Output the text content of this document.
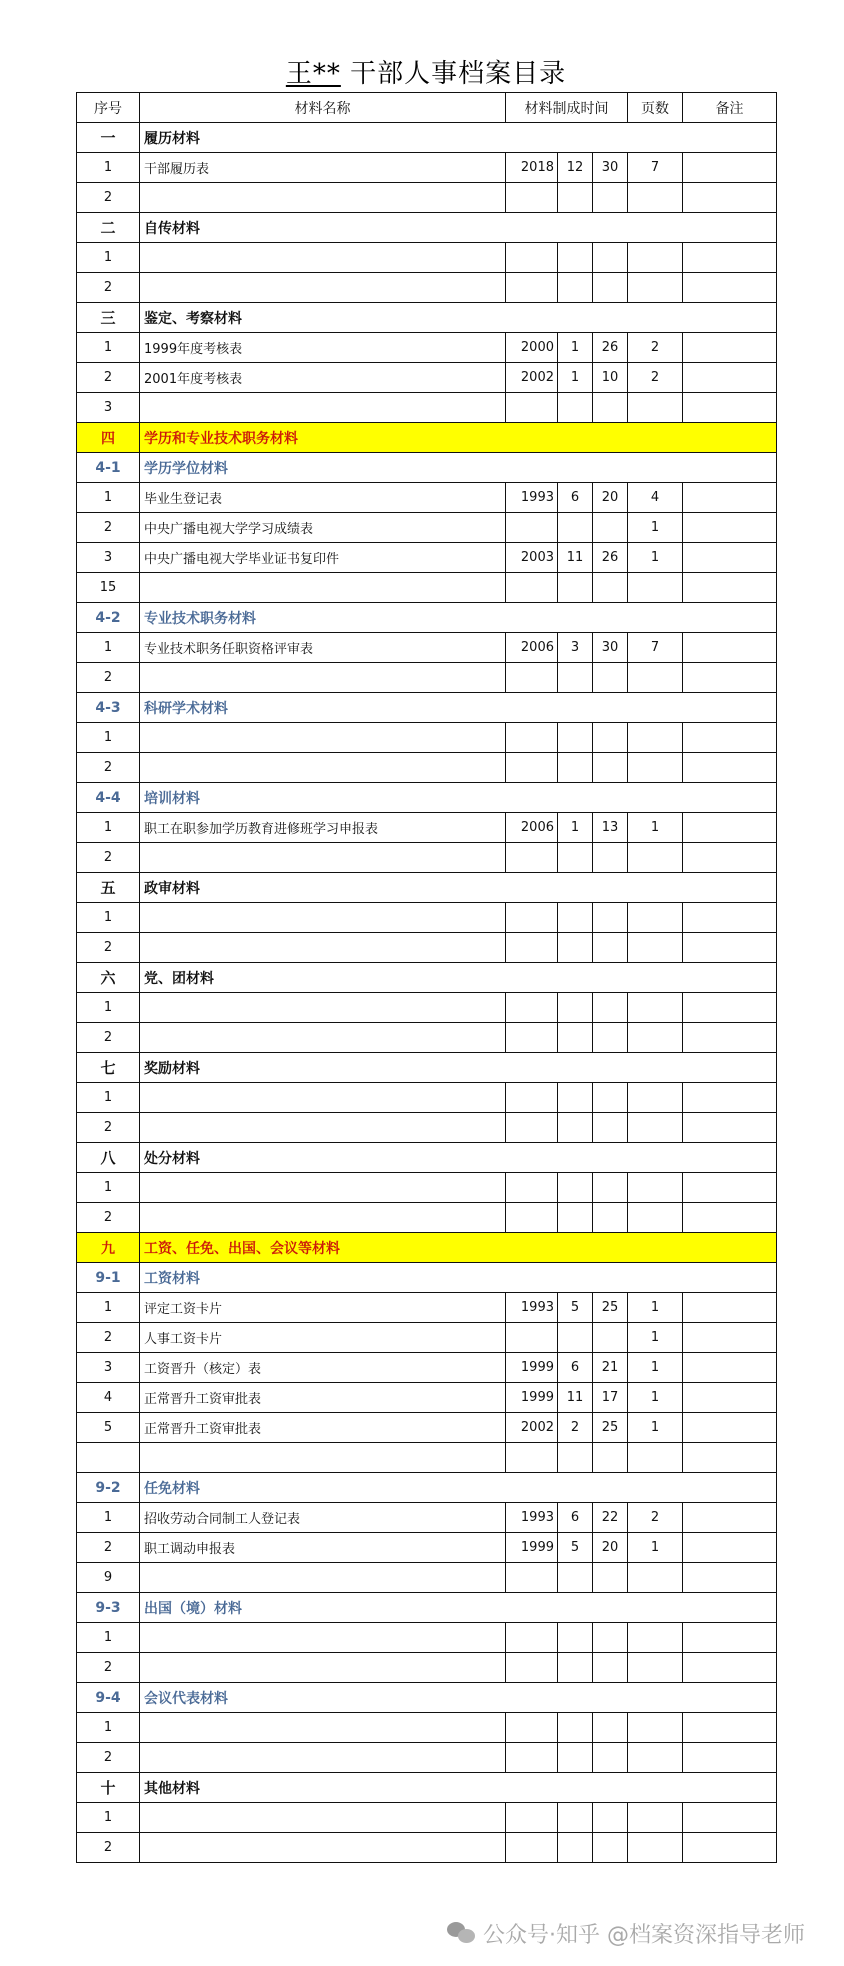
王** 干部人事档案目录
序号	材料名称	材料制成时间			页数	备注
一	履历材料					
1	干部履历表	2018	12	30	7	
2						
二	自传材料					
1						
2						
三	鉴定、考察材料					
1	1999年度考核表	2000	1	26	2	
2	2001年度考核表	2002	1	10	2	
3						
四	学历和专业技术职务材料					
4-1	学历学位材料					
1	毕业生登记表	1993	6	20	4	
2	中央广播电视大学学习成绩表				1	
3	中央广播电视大学毕业证书复印件	2003	11	26	1	
15						
4-2	专业技术职务材料					
1	专业技术职务任职资格评审表	2006	3	30	7	
2						
4-3	科研学术材料					
1						
2						
4-4	培训材料					
1	职工在职参加学历教育进修班学习申报表	2006	1	13	1	
2						
五	政审材料					
1						
2						
六	党、团材料					
1						
2						
七	奖励材料					
1						
2						
八	处分材料					
1						
2						
九	工资、任免、出国、会议等材料					
9-1	工资材料					
1	评定工资卡片	1993	5	25	1	
2	人事工资卡片				1	
3	工资晋升（核定）表	1999	6	21	1	
4	正常晋升工资审批表	1999	11	17	1	
5	正常晋升工资审批表	2002	2	25	1	

9-2	任免材料					
1	招收劳动合同制工人登记表	1993	6	22	2	
2	职工调动申报表	1999	5	20	1	
9						
9-3	出国（境）材料					
1						
2						
9-4	会议代表材料					
1						
2						
十	其他材料					
1						
2						
公众号·知乎 @档案资深指导老师
